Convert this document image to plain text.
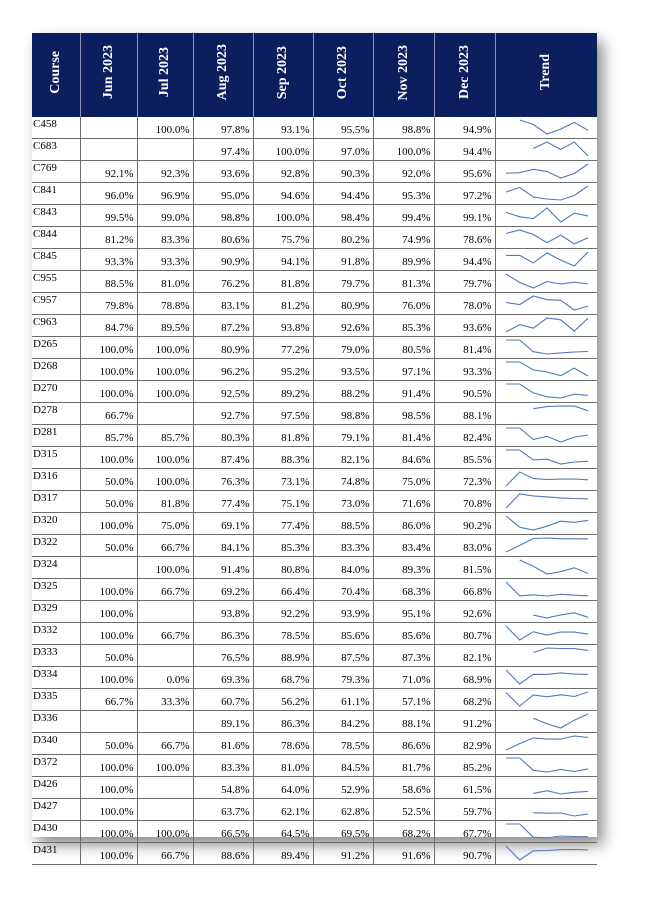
Course	Jun 2023	Jul 2023	Aug 2023	Sep 2023	Oct 2023	Nov 2023	Dec 2023	Trend
C458		100.0%	97.8%	93.1%	95.5%	98.8%	94.9%	

C683			97.4%	100.0%	97.0%	100.0%	94.4%	

C769	92.1%	92.3%	93.6%	92.8%	90.3%	92.0%	95.6%	

C841	96.0%	96.9%	95.0%	94.6%	94.4%	95.3%	97.2%	

C843	99.5%	99.0%	98.8%	100.0%	98.4%	99.4%	99.1%	

C844	81.2%	83.3%	80.6%	75.7%	80.2%	74.9%	78.6%	

C845	93.3%	93.3%	90.9%	94.1%	91.8%	89.9%	94.4%	

C955	88.5%	81.0%	76.2%	81.8%	79.7%	81.3%	79.7%	

C957	79.8%	78.8%	83.1%	81.2%	80.9%	76.0%	78.0%	

C963	84.7%	89.5%	87.2%	93.8%	92.6%	85.3%	93.6%	

D265	100.0%	100.0%	80.9%	77.2%	79.0%	80.5%	81.4%	

D268	100.0%	100.0%	96.2%	95.2%	93.5%	97.1%	93.3%	

D270	100.0%	100.0%	92.5%	89.2%	88.2%	91.4%	90.5%	

D278	66.7%		92.7%	97.5%	98.8%	98.5%	88.1%	

D281	85.7%	85.7%	80.3%	81.8%	79.1%	81.4%	82.4%	

D315	100.0%	100.0%	87.4%	88.3%	82.1%	84.6%	85.5%	

D316	50.0%	100.0%	76.3%	73.1%	74.8%	75.0%	72.3%	

D317	50.0%	81.8%	77.4%	75.1%	73.0%	71.6%	70.8%	

D320	100.0%	75.0%	69.1%	77.4%	88.5%	86.0%	90.2%	

D322	50.0%	66.7%	84.1%	85.3%	83.3%	83.4%	83.0%	

D324		100.0%	91.4%	80.8%	84.0%	89.3%	81.5%	

D325	100.0%	66.7%	69.2%	66.4%	70.4%	68.3%	66.8%	

D329	100.0%		93.8%	92.2%	93.9%	95.1%	92.6%	

D332	100.0%	66.7%	86.3%	78.5%	85.6%	85.6%	80.7%	

D333	50.0%		76.5%	88.9%	87.5%	87.3%	82.1%	

D334	100.0%	0.0%	69.3%	68.7%	79.3%	71.0%	68.9%	

D335	66.7%	33.3%	60.7%	56.2%	61.1%	57.1%	68.2%	

D336			89.1%	86.3%	84.2%	88.1%	91.2%	

D340	50.0%	66.7%	81.6%	78.6%	78.5%	86.6%	82.9%	

D372	100.0%	100.0%	83.3%	81.0%	84.5%	81.7%	85.2%	

D426	100.0%		54.8%	64.0%	52.9%	58.6%	61.5%	

D427	100.0%		63.7%	62.1%	62.8%	52.5%	59.7%	

D430	100.0%	100.0%	66.5%	64.5%	69.5%	68.2%	67.7%	

D431	100.0%	66.7%	88.6%	89.4%	91.2%	91.6%	90.7%	
